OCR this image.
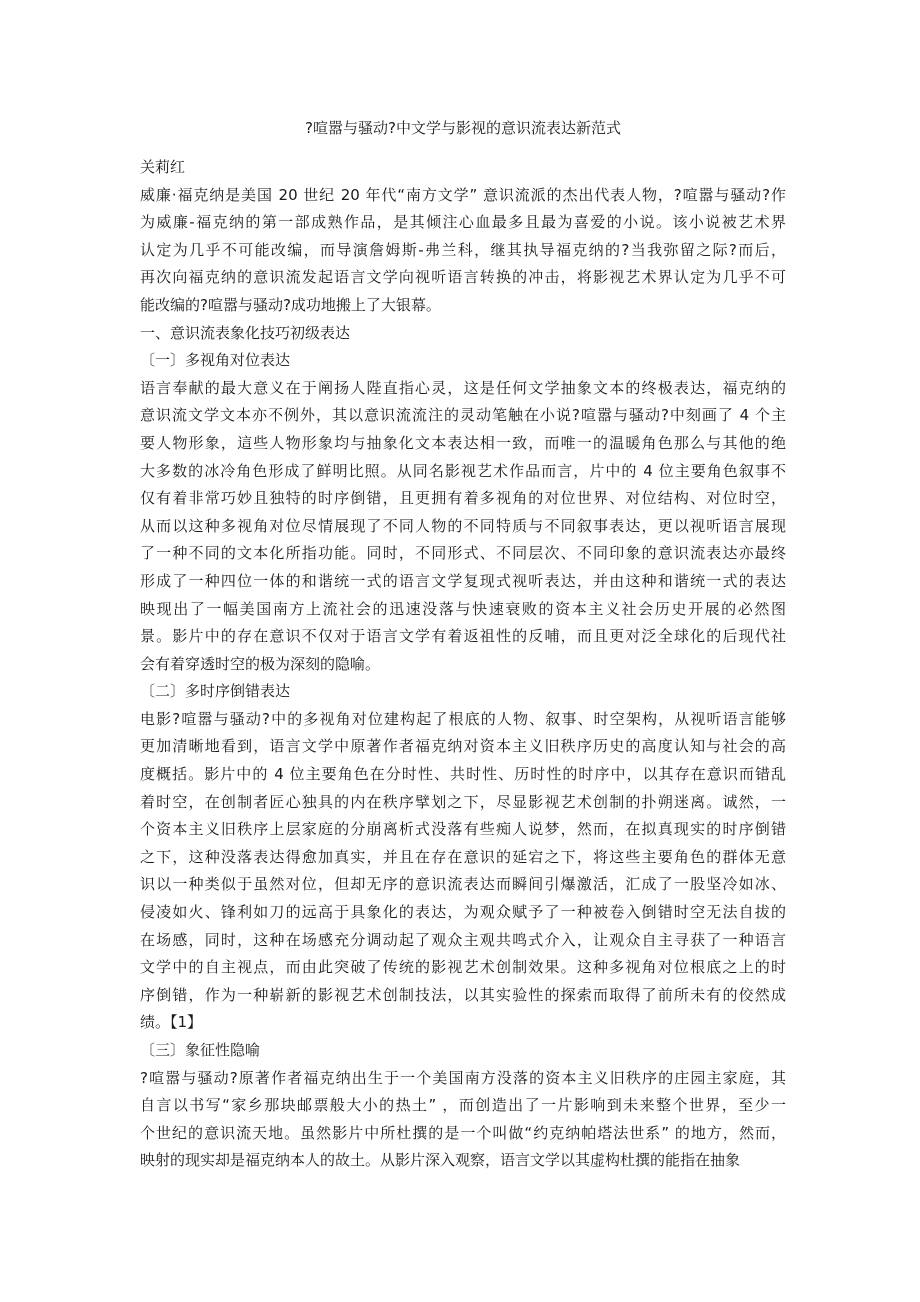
?喧嚣与骚动?中文学与影视的意识流表达新范式
关莉红
威廉·福克纳是美国 20 世纪 20 年代“南方文学” 意识流派的杰出代表人物，?喧嚣与骚动?作
为威廉-福克纳的第一部成熟作品，是其倾注心血最多且最为喜爱的小说。该小说被艺术界
认定为几乎不可能改编，而导演詹姆斯-弗兰科，继其执导福克纳的?当我弥留之际?而后，
再次向福克纳的意识流发起语言文学向视听语言转换的冲击，将影视艺术界认定为几乎不可
能改编的?喧嚣与骚动?成功地搬上了大银幕。
一、意识流表象化技巧初级表达
〔一〕多视角对位表达
语言奉献的最大意义在于阐扬人陛直指心灵，这是任何文学抽象文本的终极表达，福克纳的
意识流文学文本亦不例外，其以意识流流注的灵动笔触在小说?喧嚣与骚动?中刻画了 4 个主
要人物形象，這些人物形象均与抽象化文本表达相一致，而唯一的温暖角色那么与其他的绝
大多数的冰冷角色形成了鲜明比照。从同名影视艺术作品而言，片中的 4 位主要角色叙事不
仅有着非常巧妙且独特的时序倒错，且更拥有着多视角的对位世界、对位结构、对位时空，
从而以这种多视角对位尽情展现了不同人物的不同特质与不同叙事表达，更以视听语言展现
了一种不同的文本化所指功能。同时，不同形式、不同层次、不同印象的意识流表达亦最终
形成了一种四位一体的和谐统一式的语言文学复现式视听表达，并由这种和谐统一式的表达
映现出了一幅美国南方上流社会的迅速没落与快速衰败的资本主义社会历史开展的必然图
景。影片中的存在意识不仅对于语言文学有着返祖性的反哺，而且更对泛全球化的后现代社
会有着穿透时空的极为深刻的隐喻。
〔二〕多时序倒错表达
电影?喧嚣与骚动?中的多视角对位建构起了根底的人物、叙事、时空架构，从视听语言能够
更加清晰地看到，语言文学中原著作者福克纳对资本主义旧秩序历史的高度认知与社会的高
度概括。影片中的 4 位主要角色在分时性、共时性、历时性的时序中，以其存在意识而错乱
着时空，在创制者匠心独具的内在秩序擘划之下，尽显影视艺术创制的扑朔迷离。诚然，一
个资本主义旧秩序上层家庭的分崩离析式没落有些痴人说梦，然而，在拟真现实的时序倒错
之下，这种没落表达得愈加真实，并且在存在意识的延宕之下，将这些主要角色的群体无意
识以一种类似于虽然对位，但却无序的意识流表达而瞬间引爆激活，汇成了一股坚冷如冰、
侵凌如火、锋利如刀的远高于具象化的表达，为观众赋予了一种被卷入倒错时空无法自拔的
在场感，同时，这种在场感充分调动起了观众主观共鸣式介入，让观众自主寻获了一种语言
文学中的自主视点，而由此突破了传统的影视艺术创制效果。这种多视角对位根底之上的时
序倒错，作为一种崭新的影视艺术创制技法，以其实验性的探索而取得了前所未有的佼然成
绩。【1】
〔三〕象征性隐喻
?喧嚣与骚动?原著作者福克纳出生于一个美国南方没落的资本主义旧秩序的庄园主家庭，其
自言以书写“家乡那块邮票般大小的热土” ，而创造出了一片影响到未来整个世界，至少一
个世纪的意识流天地。虽然影片中所杜撰的是一个叫做“约克纳帕塔法世系” 的地方，然而，
映射的现实却是福克纳本人的故土。从影片深入观察，语言文学以其虚构杜撰的能指在抽象
